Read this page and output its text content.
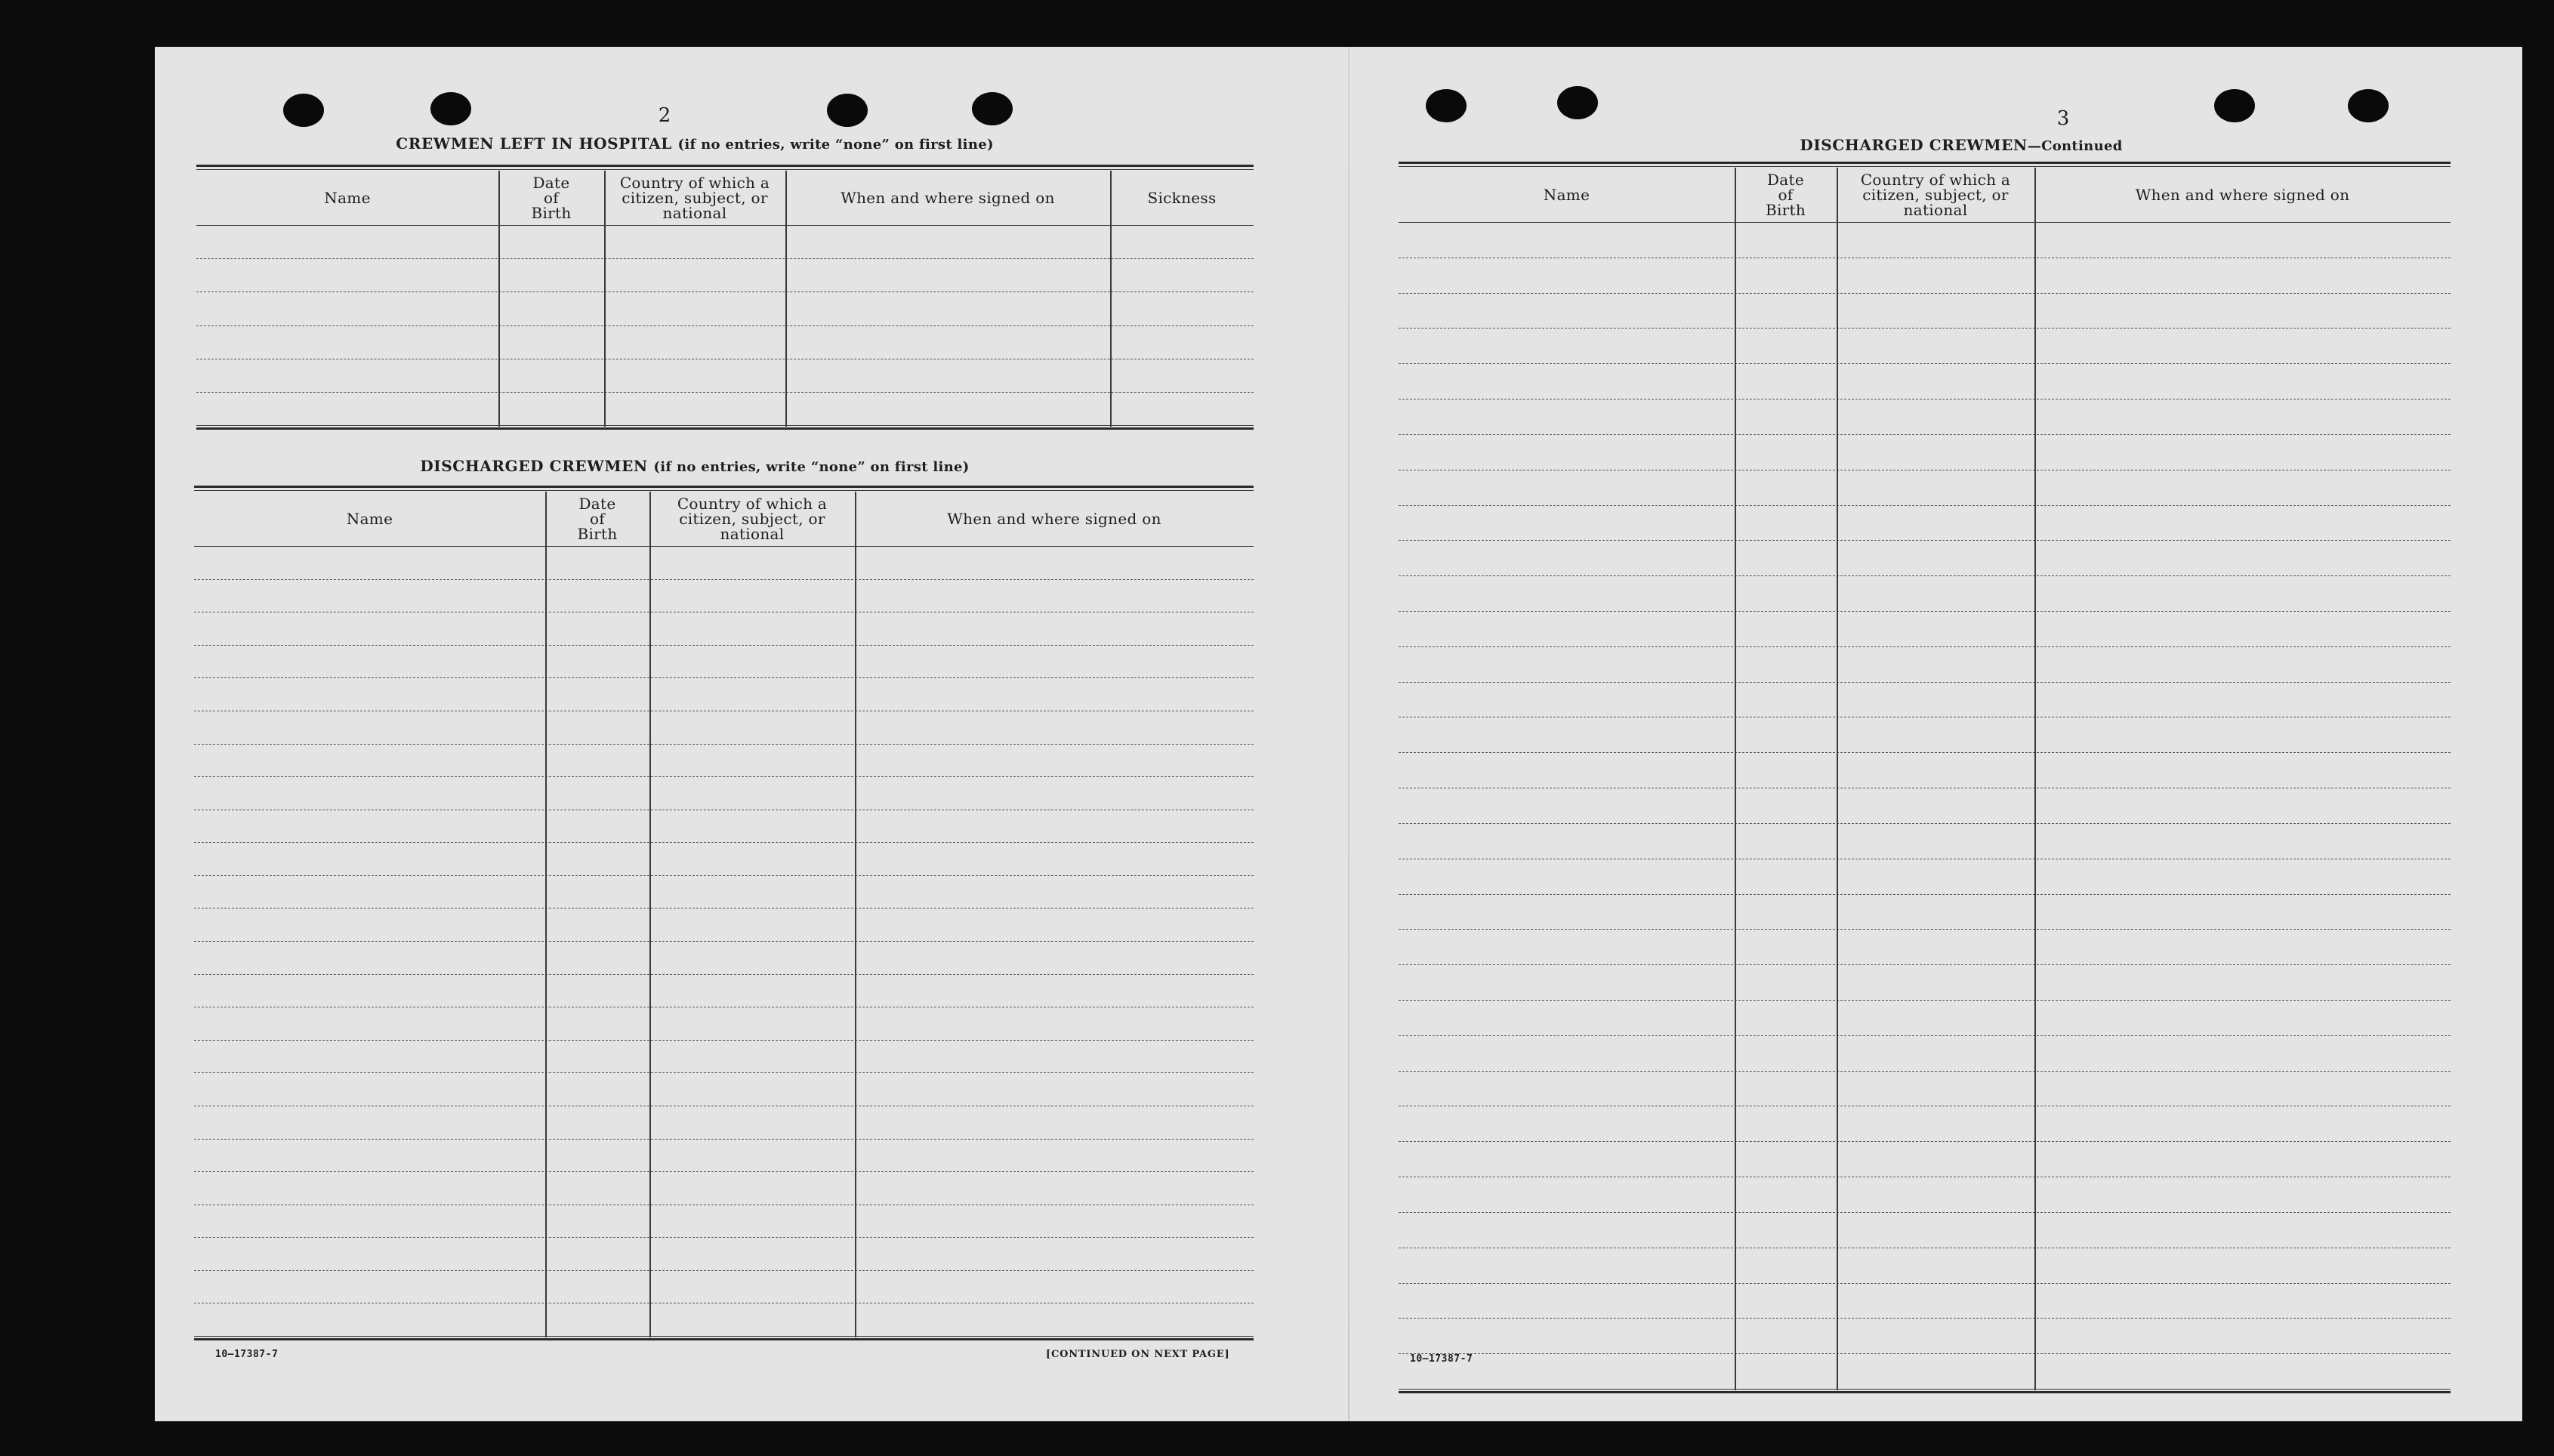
2
CREWMEN LEFT IN HOSPITAL (if no entries, write “none” on first line)
Name
Date of Birth
Country of which a citizen, subject, or national
When and where signed on	Sickness
DISCHARGED CREWMEN (if no entries, write “none” on first line)
Name
Date of Birth
Country of which a citizen, subject, or national
When and where signed on
10—17387-7	[CONTINUED ON NEXT PAGE]
3
DISCHARGED CREWMEN—Continued
Name
Date of Birth
Country of which a citizen, subject, or national
When and where signed on
10—17387-7
